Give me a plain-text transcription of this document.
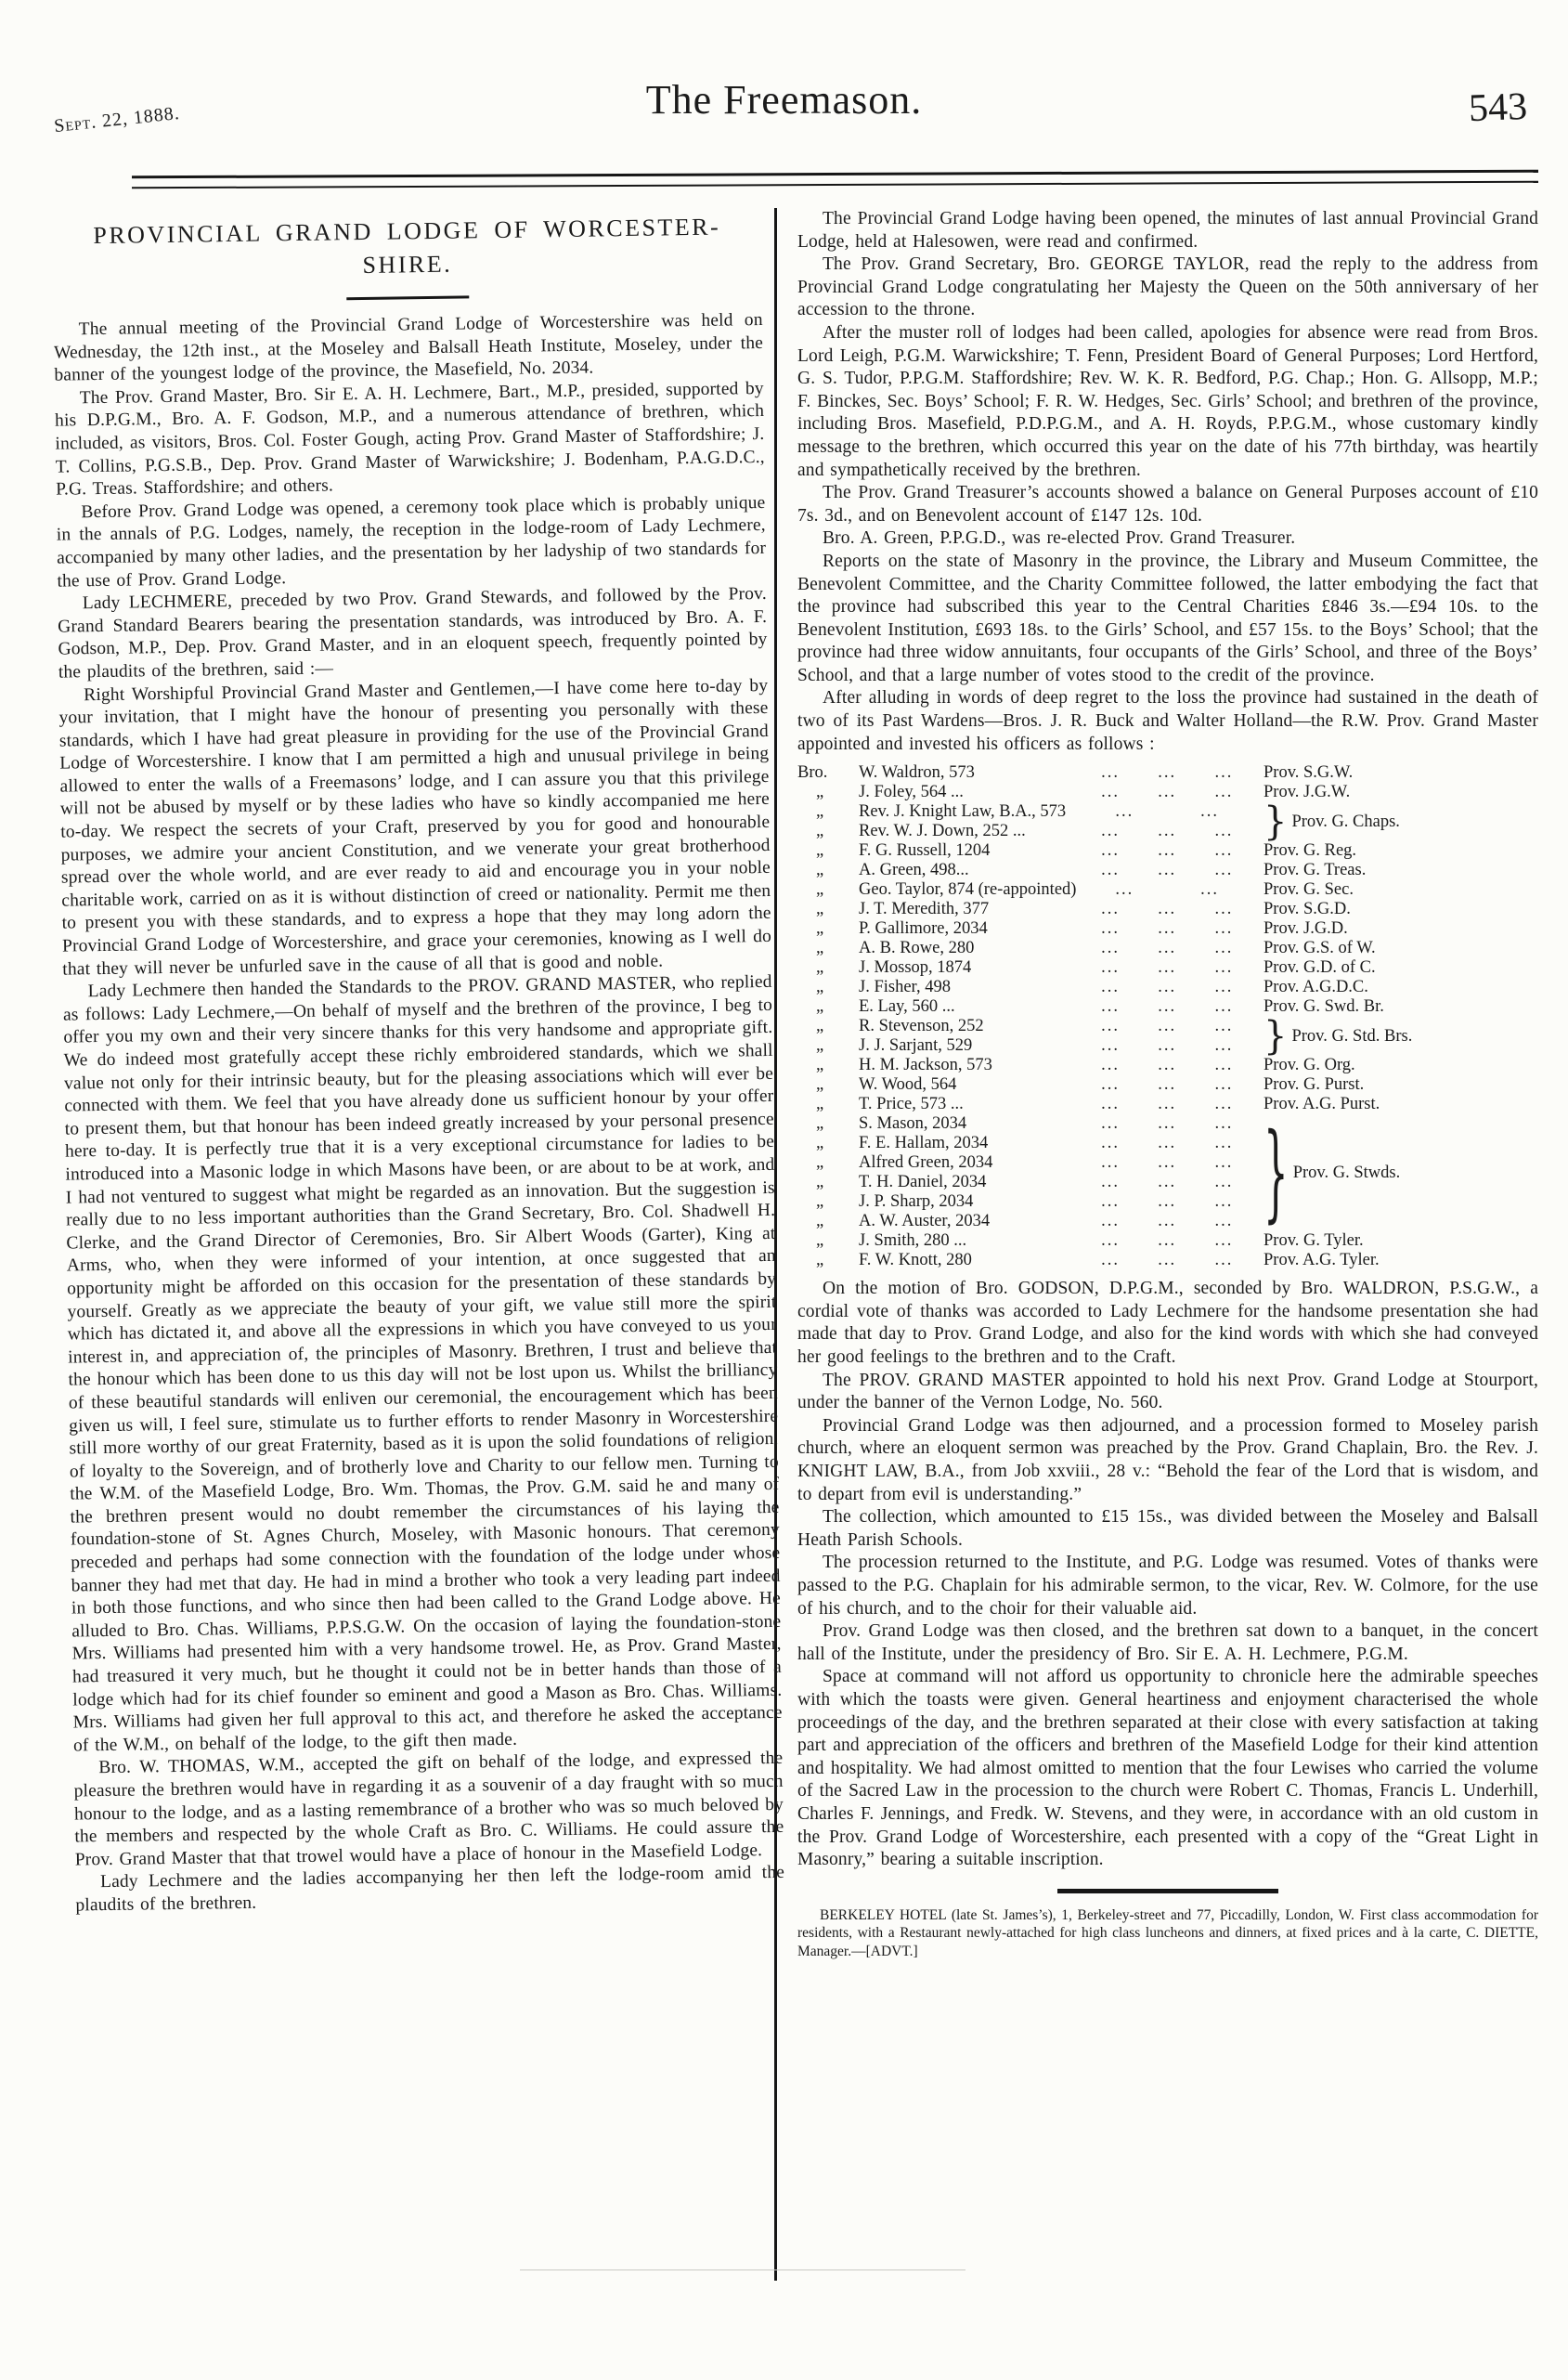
Sept. 22, 1888.	The Freemason.	543
PROVINCIAL GRAND LODGE OF WORCESTER-
SHIRE.

The annual meeting of the Provincial Grand Lodge of Worcestershire was held on Wednesday, the 12th inst., at the Moseley and Balsall Heath Institute, Moseley, under the banner of the youngest lodge of the province, the Masefield, No. 2034.

The Prov. Grand Master, Bro. Sir E. A. H. Lechmere, Bart., M.P., presided, supported by his D.P.G.M., Bro. A. F. Godson, M.P., and a numerous attendance of brethren, which included, as visitors, Bros. Col. Foster Gough, acting Prov. Grand Master of Staffordshire; J. T. Collins, P.G.S.B., Dep. Prov. Grand Master of Warwickshire; J. Bodenham, P.A.G.D.C., P.G. Treas. Staffordshire; and others.

Before Prov. Grand Lodge was opened, a ceremony took place which is probably unique in the annals of P.G. Lodges, namely, the reception in the lodge-room of Lady Lechmere, accompanied by many other ladies, and the presentation by her ladyship of two standards for the use of Prov. Grand Lodge.

Lady LECHMERE, preceded by two Prov. Grand Stewards, and followed by the Prov. Grand Standard Bearers bearing the presentation standards, was introduced by Bro. A. F. Godson, M.P., Dep. Prov. Grand Master, and in an eloquent speech, frequently pointed by the plaudits of the brethren, said :—

Right Worshipful Provincial Grand Master and Gentlemen,—I have come here to-day by your invitation, that I might have the honour of presenting you personally with these standards, which I have had great pleasure in providing for the use of the Provincial Grand Lodge of Worcestershire. I know that I am permitted a high and unusual privilege in being allowed to enter the walls of a Freemasons’ lodge, and I can assure you that this privilege will not be abused by myself or by these ladies who have so kindly accompanied me here to-day. We respect the secrets of your Craft, preserved by you for good and honourable purposes, we admire your ancient Constitution, and we venerate your great brotherhood spread over the whole world, and are ever ready to aid and encourage you in your noble charitable work, carried on as it is without distinction of creed or nationality. Permit me then to present you with these standards, and to express a hope that they may long adorn the Provincial Grand Lodge of Worcestershire, and grace your ceremonies, knowing as I well do that they will never be unfurled save in the cause of all that is good and noble.

Lady Lechmere then handed the Standards to the PROV. GRAND MASTER, who replied as follows: Lady Lechmere,—On behalf of myself and the brethren of the province, I beg to offer you my own and their very sincere thanks for this very handsome and appropriate gift. We do indeed most gratefully accept these richly embroidered standards, which we shall value not only for their intrinsic beauty, but for the pleasing associations which will ever be connected with them. We feel that you have already done us sufficient honour by your offer to present them, but that honour has been indeed greatly increased by your personal presence here to-day. It is perfectly true that it is a very exceptional circumstance for ladies to be introduced into a Masonic lodge in which Masons have been, or are about to be at work, and I had not ventured to suggest what might be regarded as an innovation. But the suggestion is really due to no less important authorities than the Grand Secretary, Bro. Col. Shadwell H. Clerke, and the Grand Director of Ceremonies, Bro. Sir Albert Woods (Garter), King at Arms, who, when they were informed of your intention, at once suggested that an opportunity might be afforded on this occasion for the presentation of these standards by yourself. Greatly as we appreciate the beauty of your gift, we value still more the spirit which has dictated it, and above all the expressions in which you have conveyed to us your interest in, and appreciation of, the principles of Masonry. Brethren, I trust and believe that the honour which has been done to us this day will not be lost upon us. Whilst the brilliancy of these beautiful standards will enliven our ceremonial, the encouragement which has been given us will, I feel sure, stimulate us to further efforts to render Masonry in Worcestershire still more worthy of our great Fraternity, based as it is upon the solid foundations of religion, of loyalty to the Sovereign, and of brotherly love and Charity to our fellow men. Turning to the W.M. of the Masefield Lodge, Bro. Wm. Thomas, the Prov. G.M. said he and many of the brethren present would no doubt remember the circumstances of his laying the foundation-stone of St. Agnes Church, Moseley, with Masonic honours. That ceremony preceded and perhaps had some connection with the foundation of the lodge under whose banner they had met that day. He had in mind a brother who took a very leading part indeed in both those functions, and who since then had been called to the Grand Lodge above. He alluded to Bro. Chas. Williams, P.P.S.G.W. On the occasion of laying the foundation-stone Mrs. Williams had presented him with a very handsome trowel. He, as Prov. Grand Master, had treasured it very much, but he thought it could not be in better hands than those of a lodge which had for its chief founder so eminent and good a Mason as Bro. Chas. Williams. Mrs. Williams had given her full approval to this act, and therefore he asked the acceptance of the W.M., on behalf of the lodge, to the gift then made.

Bro. W. THOMAS, W.M., accepted the gift on behalf of the lodge, and expressed the pleasure the brethren would have in regarding it as a souvenir of a day fraught with so much honour to the lodge, and as a lasting remembrance of a brother who was so much beloved by the members and respected by the whole Craft as Bro. C. Williams. He could assure the Prov. Grand Master that that trowel would have a place of honour in the Masefield Lodge.

Lady Lechmere and the ladies accompanying her then left the lodge-room amid the plaudits of the brethren.

The Provincial Grand Lodge having been opened, the minutes of last annual Provincial Grand Lodge, held at Halesowen, were read and confirmed.

The Prov. Grand Secretary, Bro. GEORGE TAYLOR, read the reply to the address from Provincial Grand Lodge congratulating her Majesty the Queen on the 50th anniversary of her accession to the throne.

After the muster roll of lodges had been called, apologies for absence were read from Bros. Lord Leigh, P.G.M. Warwickshire; T. Fenn, President Board of General Purposes; Lord Hertford, G. S. Tudor, P.P.G.M. Staffordshire; Rev. W. K. R. Bedford, P.G. Chap.; Hon. G. Allsopp, M.P.; F. Binckes, Sec. Boys’ School; F. R. W. Hedges, Sec. Girls’ School; and brethren of the province, including Bros. Masefield, P.D.P.G.M., and A. H. Royds, P.P.G.M., whose customary kindly message to the brethren, which occurred this year on the date of his 77th birthday, was heartily and sympathetically received by the brethren.

The Prov. Grand Treasurer’s accounts showed a balance on General Purposes account of £10 7s. 3d., and on Benevolent account of £147 12s. 10d.

Bro. A. Green, P.P.G.D., was re-elected Prov. Grand Treasurer.

Reports on the state of Masonry in the province, the Library and Museum Committee, the Benevolent Committee, and the Charity Committee followed, the latter embodying the fact that the province had subscribed this year to the Central Charities £846 3s.—£94 10s. to the Benevolent Institution, £693 18s. to the Girls’ School, and £57 15s. to the Boys’ School; that the province had three widow annuitants, four occupants of the Girls’ School, and three of the Boys’ School, and that a large number of votes stood to the credit of the province.

After alluding in words of deep regret to the loss the province had sustained in the death of two of its Past Wardens—Bros. J. R. Buck and Walter Holland—the R.W. Prov. Grand Master appointed and invested his officers as follows :

Bro.	W. Waldron, 573	... ... ...	Prov. S.G.W.
„	J. Foley, 564 ...	... ... ...	Prov. J.G.W.
„	Rev. J. Knight Law, B.A., 573	... ...	} Prov. G. Chaps.

„	Rev. W. J. Down, 252 ...	... ... ...	

„	F. G. Russell, 1204	... ... ...	Prov. G. Reg.
„	A. Green, 498...	... ... ...	Prov. G. Treas.
„	Geo. Taylor, 874 (re-appointed)	... ...	Prov. G. Sec.
„	J. T. Meredith, 377	... ... ...	Prov. S.G.D.
„	P. Gallimore, 2034	... ... ...	Prov. J.G.D.
„	A. B. Rowe, 280	... ... ...	Prov. G.S. of W.
„	J. Mossop, 1874	... ... ...	Prov. G.D. of C.
„	J. Fisher, 498	... ... ...	Prov. A.G.D.C.
„	E. Lay, 560 ...	... ... ...	Prov. G. Swd. Br.
„	R. Stevenson, 252	... ... ...	} Prov. G. Std. Brs.

„	J. J. Sarjant, 529	... ... ...	

„	H. M. Jackson, 573	... ... ...	Prov. G. Org.
„	W. Wood, 564	... ... ...	Prov. G. Purst.
„	T. Price, 573 ...	... ... ...	Prov. A.G. Purst.
„	S. Mason, 2034	... ... ...	} Prov. G. Stwds.

„	F. E. Hallam, 2034	... ... ...	

„	Alfred Green, 2034	... ... ...	

„	T. H. Daniel, 2034	... ... ...	

„	J. P. Sharp, 2034	... ... ...	

„	A. W. Auster, 2034	... ... ...	

„	J. Smith, 280 ...	... ... ...	Prov. G. Tyler.
„	F. W. Knott, 280	... ... ...	Prov. A.G. Tyler.

On the motion of Bro. GODSON, D.P.G.M., seconded by Bro. WALDRON, P.S.G.W., a cordial vote of thanks was accorded to Lady Lechmere for the handsome presentation she had made that day to Prov. Grand Lodge, and also for the kind words with which she had conveyed her good feelings to the brethren and to the Craft.

The PROV. GRAND MASTER appointed to hold his next Prov. Grand Lodge at Stourport, under the banner of the Vernon Lodge, No. 560.

Provincial Grand Lodge was then adjourned, and a procession formed to Moseley parish church, where an eloquent sermon was preached by the Prov. Grand Chaplain, Bro. the Rev. J. KNIGHT LAW, B.A., from Job xxviii., 28 v.: “Behold the fear of the Lord that is wisdom, and to depart from evil is understanding.”

The collection, which amounted to £15 15s., was divided between the Moseley and Balsall Heath Parish Schools.

The procession returned to the Institute, and P.G. Lodge was resumed. Votes of thanks were passed to the P.G. Chaplain for his admirable sermon, to the vicar, Rev. W. Colmore, for the use of his church, and to the choir for their valuable aid.

Prov. Grand Lodge was then closed, and the brethren sat down to a banquet, in the concert hall of the Institute, under the presidency of Bro. Sir E. A. H. Lechmere, P.G.M.

Space at command will not afford us opportunity to chronicle here the admirable speeches with which the toasts were given. General heartiness and enjoyment characterised the whole proceedings of the day, and the brethren separated at their close with every satisfaction at taking part and appreciation of the officers and brethren of the Masefield Lodge for their kind attention and hospitality. We had almost omitted to mention that the four Lewises who carried the volume of the Sacred Law in the procession to the church were Robert C. Thomas, Francis L. Underhill, Charles F. Jennings, and Fredk. W. Stevens, and they were, in accordance with an old custom in the Prov. Grand Lodge of Worcestershire, each presented with a copy of the “Great Light in Masonry,” bearing a suitable inscription.

BERKELEY HOTEL (late St. James’s), 1, Berkeley-street and 77, Piccadilly, London, W. First class accommodation for residents, with a Restaurant newly-attached for high class luncheons and dinners, at fixed prices and à la carte, C. DIETTE, Manager.—[ADVT.]
